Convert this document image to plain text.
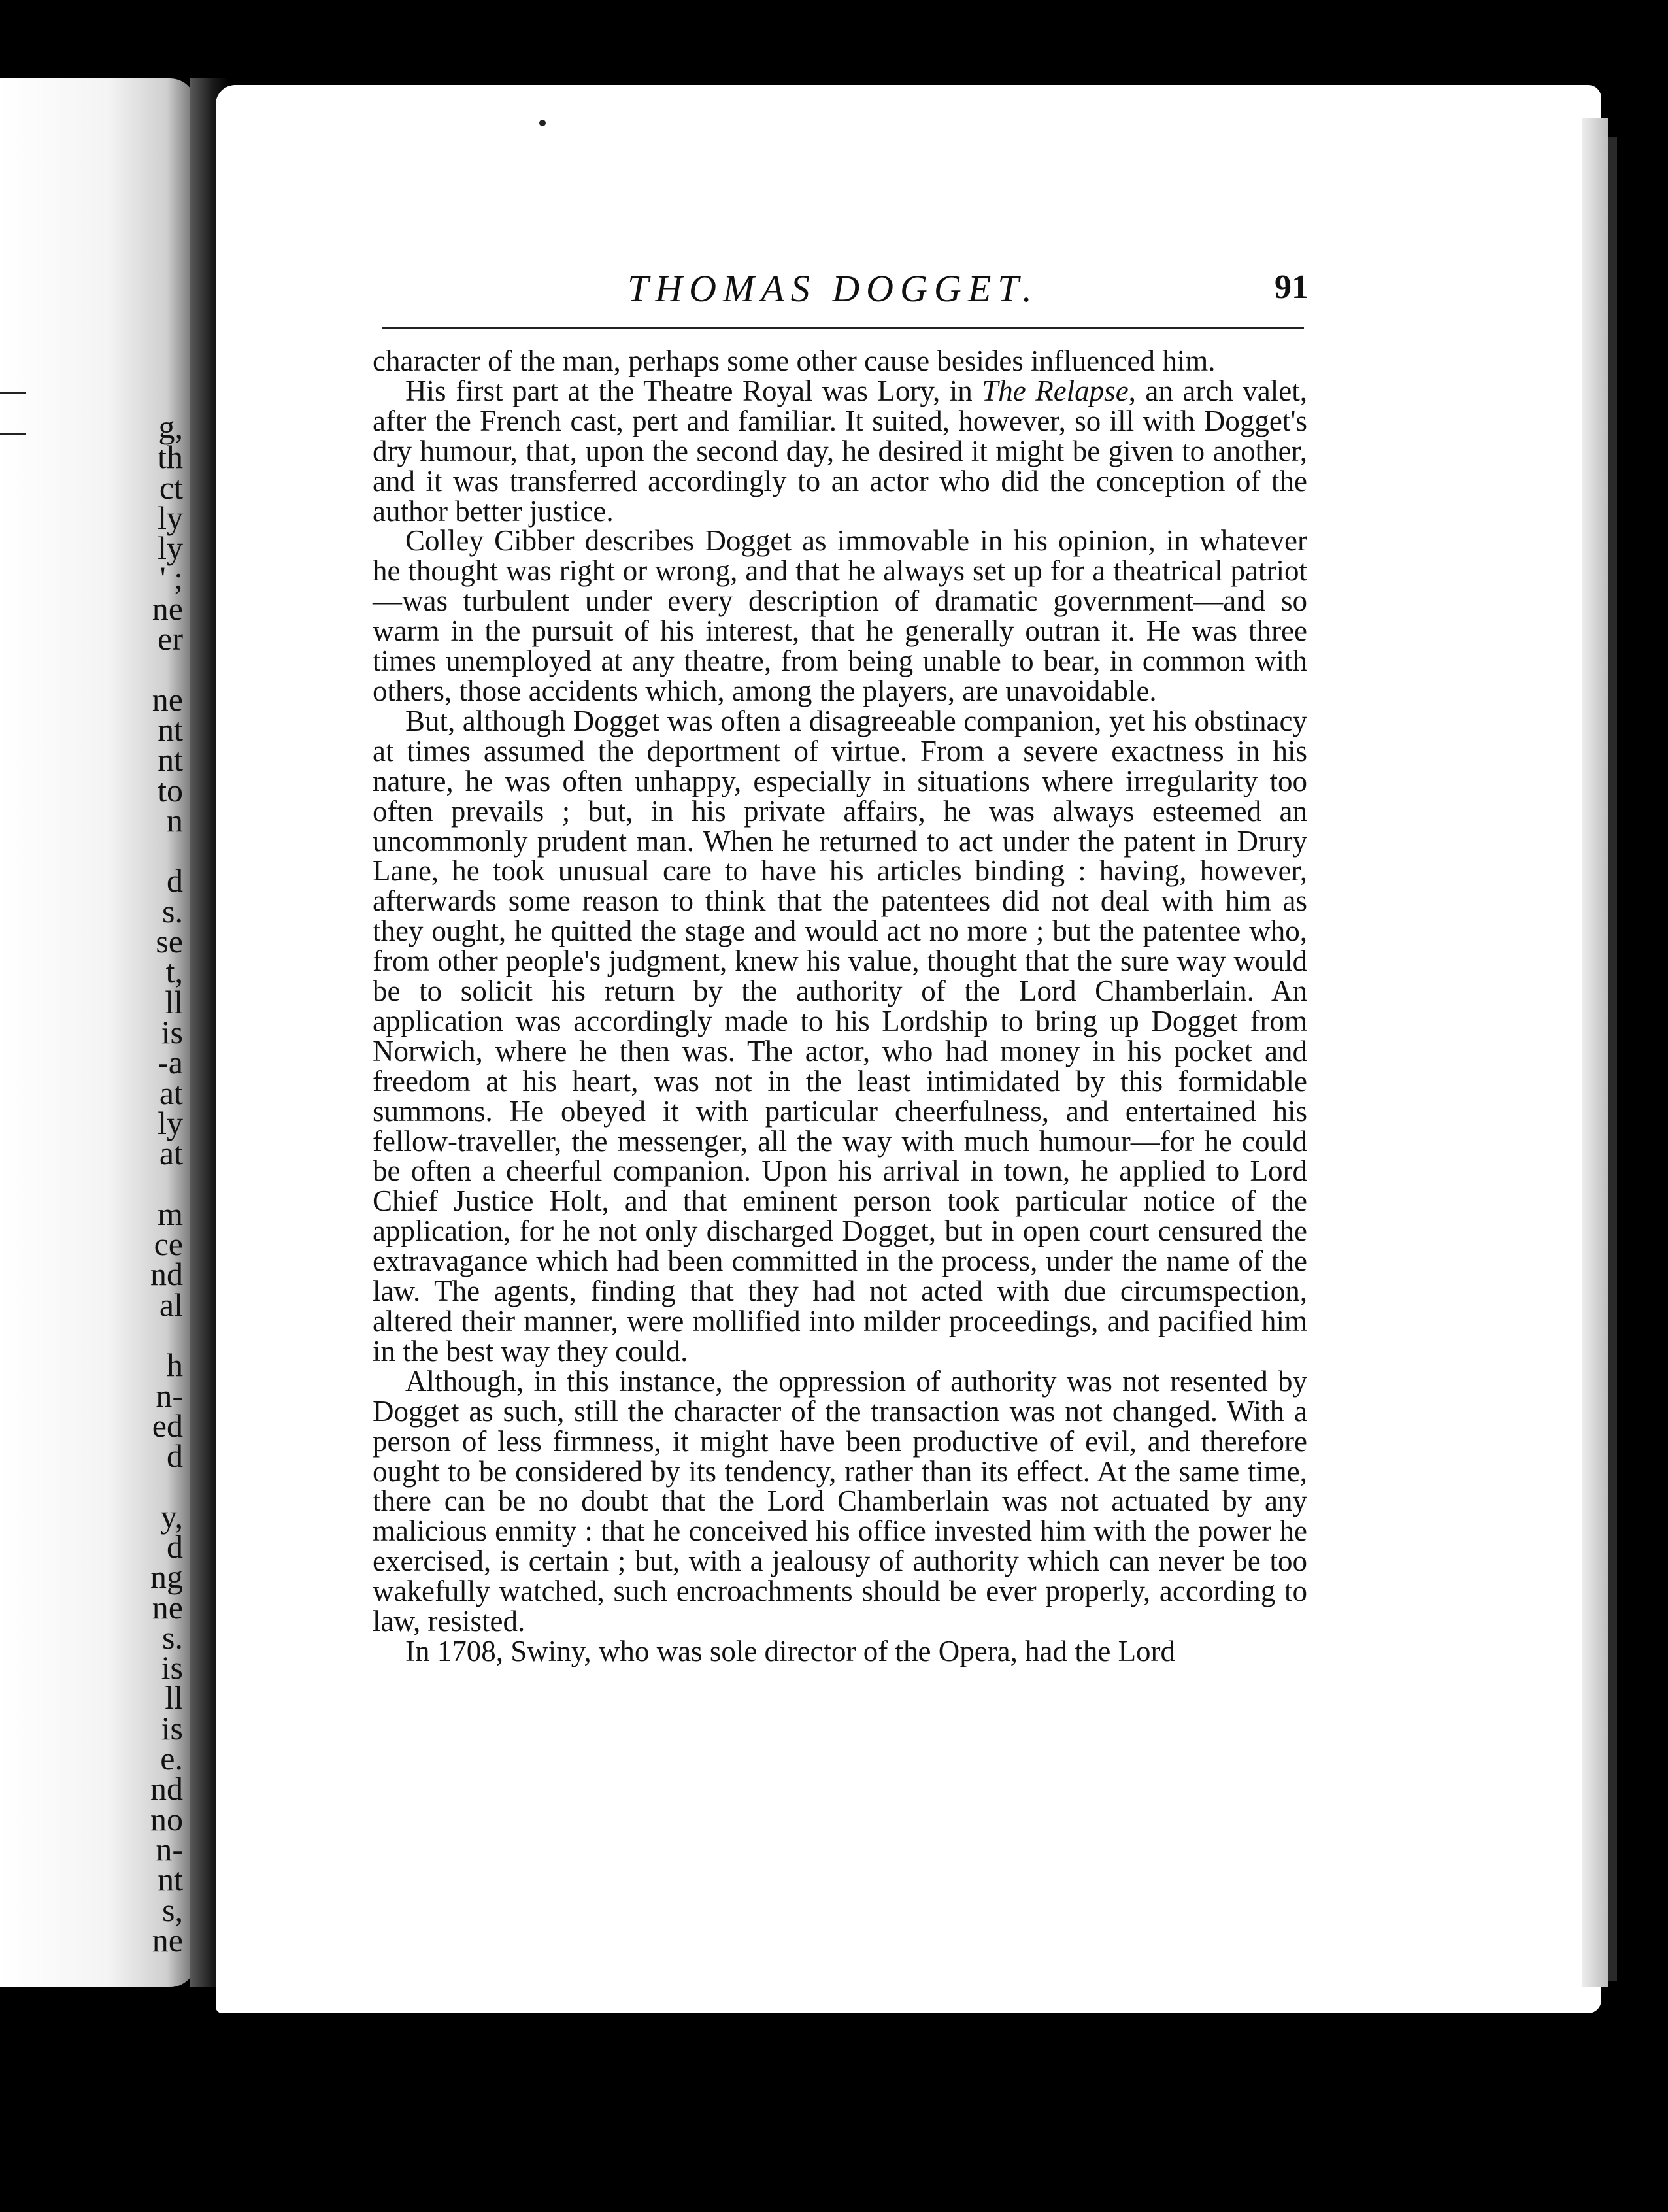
g,
th
ct
ly
ly
' ;
ne
er

ne
nt
nt
to
n

d
s.
se
t,
ll
is
-a
at
ly
at

m
ce
nd
al

h
n-
ed
d

y,
d
ng
ne
s.
is
ll
is
e.
nd
no
n-
nt
s,
ne
THOMAS DOGGET.	91

character of the man, perhaps some other cause besides influenced him.

His first part at the Theatre Royal was Lory, in The Relapse, an arch valet, after the French cast, pert and familiar. It suited, however, so ill with Dogget's dry humour, that, upon the second day, he desired it might be given to another, and it was transferred accordingly to an actor who did the conception of the author better justice.

Colley Cibber describes Dogget as immovable in his opinion, in whatever he thought was right or wrong, and that he always set up for a theatrical patriot—was turbulent under every description of dramatic government—and so warm in the pursuit of his interest, that he generally outran it. He was three times unemployed at any theatre, from being unable to bear, in common with others, those accidents which, among the players, are unavoidable.

But, although Dogget was often a disagreeable companion, yet his obstinacy at times assumed the deportment of virtue. From a severe exactness in his nature, he was often unhappy, especially in situations where irregularity too often prevails ; but, in his private affairs, he was always esteemed an uncommonly prudent man. When he returned to act under the patent in Drury Lane, he took unusual care to have his articles binding : having, however, afterwards some reason to think that the patentees did not deal with him as they ought, he quitted the stage and would act no more ; but the patentee who, from other people's judgment, knew his value, thought that the sure way would be to solicit his return by the authority of the Lord Chamberlain. An application was accordingly made to his Lordship to bring up Dogget from Norwich, where he then was. The actor, who had money in his pocket and freedom at his heart, was not in the least intimidated by this formidable summons. He obeyed it with particular cheerfulness, and entertained his fellow-traveller, the messenger, all the way with much humour—for he could be often a cheerful companion. Upon his arrival in town, he applied to Lord Chief Justice Holt, and that eminent person took particular notice of the application, for he not only discharged Dogget, but in open court censured the extravagance which had been committed in the process, under the name of the law. The agents, finding that they had not acted with due circumspection, altered their manner, were mollified into milder proceedings, and pacified him in the best way they could.

Although, in this instance, the oppression of authority was not resented by Dogget as such, still the character of the transaction was not changed. With a person of less firmness, it might have been productive of evil, and therefore ought to be considered by its tendency, rather than its effect. At the same time, there can be no doubt that the Lord Chamberlain was not actuated by any malicious enmity : that he conceived his office invested him with the power he exercised, is certain ; but, with a jealousy of authority which can never be too wakefully watched, such encroachments should be ever properly, according to law, resisted.

In 1708, Swiny, who was sole director of the Opera, had the Lord
